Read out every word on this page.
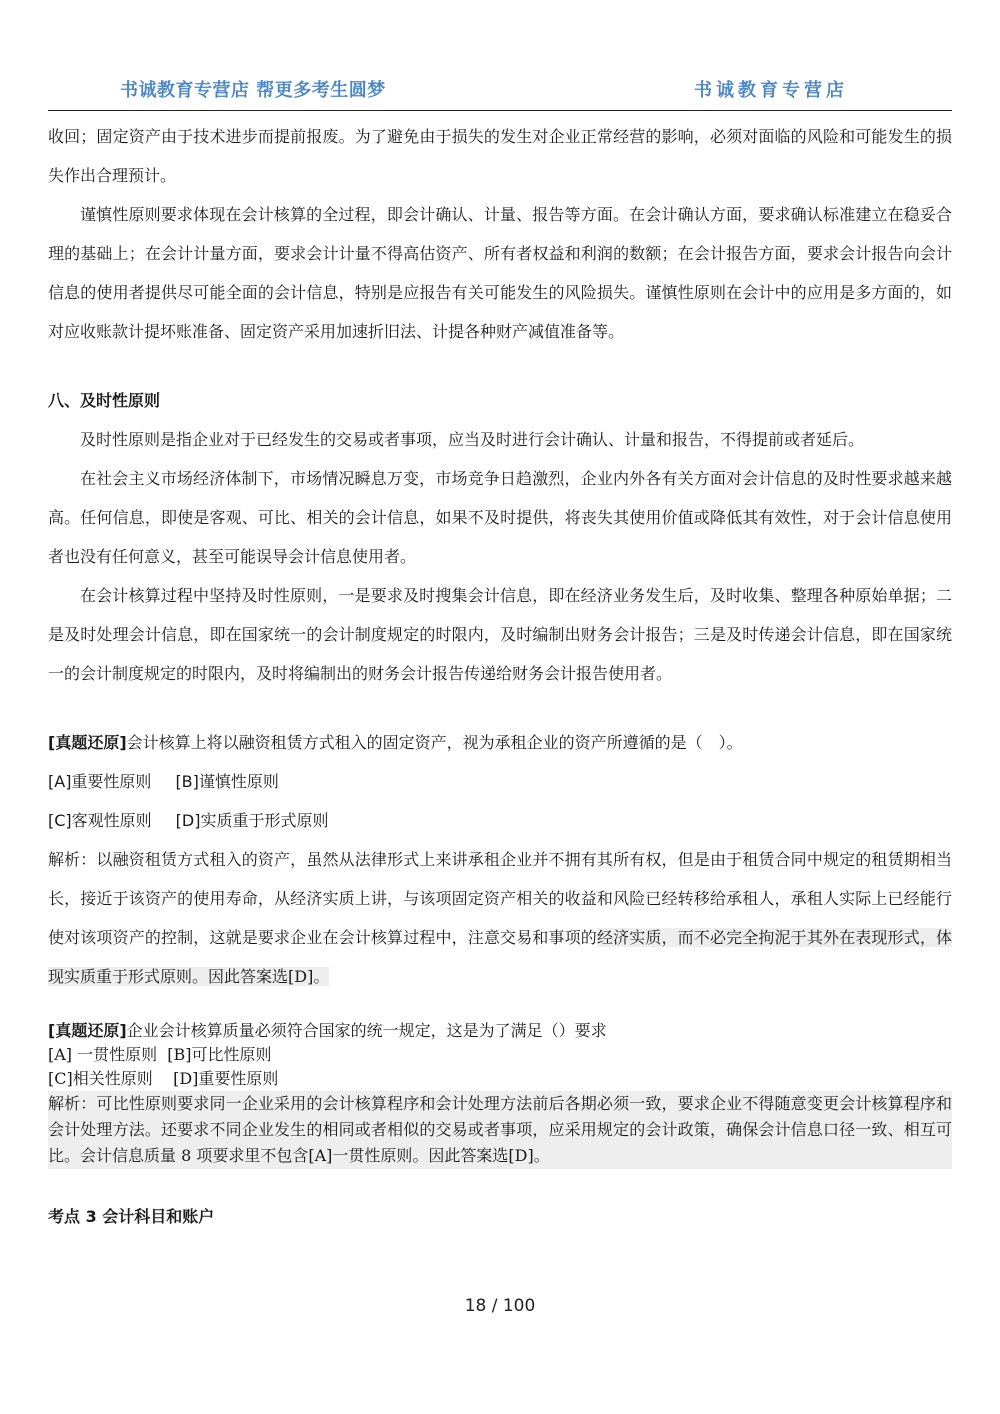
书诚教育专营店 帮更多考生圆梦	书诚教育专营店

收回；固定资产由于技术进步而提前报废。为了避免由于损失的发生对企业正常经营的影响，必须对面临的风险和可能发生的损失作出合理预计。

谨慎性原则要求体现在会计核算的全过程，即会计确认、计量、报告等方面。在会计确认方面，要求确认标准建立在稳妥合理的基础上；在会计计量方面，要求会计计量不得高估资产、所有者权益和利润的数额；在会计报告方面，要求会计报告向会计信息的使用者提供尽可能全面的会计信息，特别是应报告有关可能发生的风险损失。谨慎性原则在会计中的应用是多方面的，如对应收账款计提坏账准备、固定资产采用加速折旧法、计提各种财产减值准备等。

八、及时性原则

及时性原则是指企业对于已经发生的交易或者事项，应当及时进行会计确认、计量和报告，不得提前或者延后。

在社会主义市场经济体制下，市场情况瞬息万变，市场竞争日趋激烈，企业内外各有关方面对会计信息的及时性要求越来越高。任何信息，即使是客观、可比、相关的会计信息，如果不及时提供，将丧失其使用价值或降低其有效性，对于会计信息使用者也没有任何意义，甚至可能误导会计信息使用者。

在会计核算过程中坚持及时性原则，一是要求及时搜集会计信息，即在经济业务发生后，及时收集、整理各种原始单据；二是及时处理会计信息，即在国家统一的会计制度规定的时限内，及时编制出财务会计报告；三是及时传递会计信息，即在国家统一的会计制度规定的时限内，及时将编制出的财务会计报告传递给财务会计报告使用者。

[真题还原]会计核算上将以融资租赁方式租入的固定资产，视为承租企业的资产所遵循的是（　）。

[A]重要性原则 [B]谨慎性原则

[C]客观性原则 [D]实质重于形式原则

解析：以融资租赁方式租入的资产，虽然从法律形式上来讲承租企业并不拥有其所有权，但是由于租赁合同中规定的租赁期相当长，接近于该资产的使用寿命，从经济实质上讲，与该项固定资产相关的收益和风险已经转移给承租人，承租人实际上已经能行使对该项资产的控制，这就是要求企业在会计核算过程中，注意交易和事项的经济实质，而不必完全拘泥于其外在表现形式，体现实质重于形式原则。因此答案选[D]。

[真题还原]企业会计核算质量必须符合国家的统一规定，这是为了满足（）要求

[A] 一贯性原则  [B]可比性原则

[C]相关性原则    [D]重要性原则

解析：可比性原则要求同一企业采用的会计核算程序和会计处理方法前后各期必须一致，要求企业不得随意变更会计核算程序和会计处理方法。还要求不同企业发生的相同或者相似的交易或者事项，应采用规定的会计政策，确保会计信息口径一致、相互可比。会计信息质量 8 项要求里不包含[A]一贯性原则。因此答案选[D]。

考点 3 会计科目和账户

18 / 100
